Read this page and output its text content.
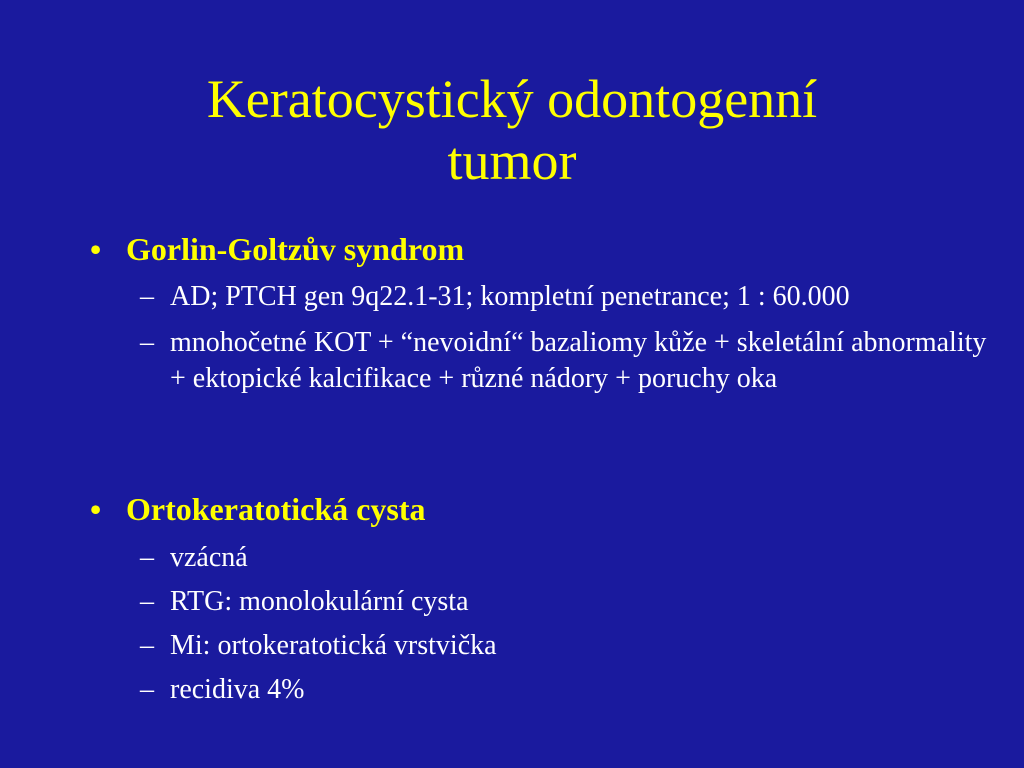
Keratocystický odontogenní
tumor
• Gorlin-Goltzův syndrom
– AD; PTCH gen 9q22.1-31; kompletní penetrance; 1 : 60.000
– mnohočetné KOT + “nevoidní“ bazaliomy kůže + skeletální abnormality + ektopické kalcifikace + různé nádory + poruchy oka
• Ortokeratotická cysta
– vzácná
– RTG: monolokulární cysta
– Mi: ortokeratotická vrstvička
– recidiva 4%
